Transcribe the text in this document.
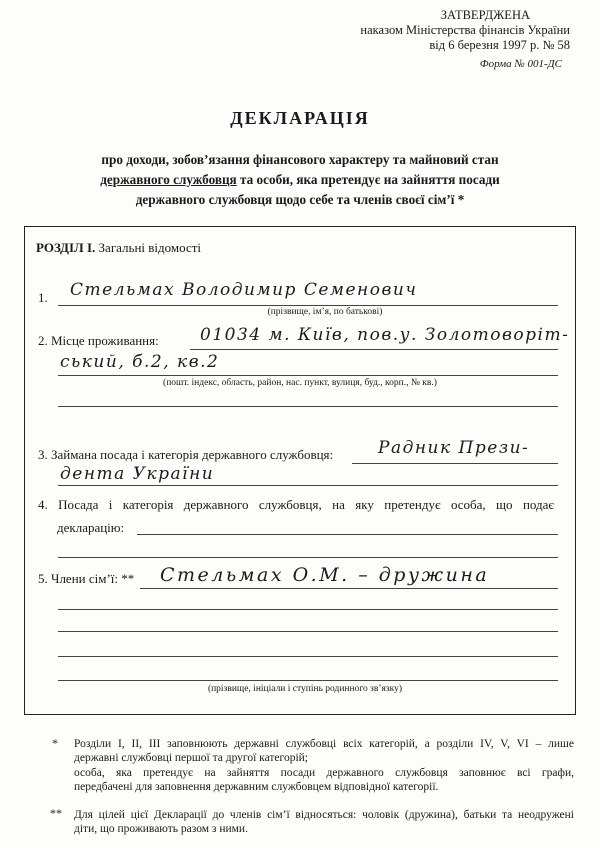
ЗАТВЕРДЖЕНА
наказом Міністерства фінансів України
від 6 березня 1997 р. № 58
Форма № 001-ДС
ДЕКЛАРАЦІЯ
про доходи, зобов’язання фінансового характеру та майновий стан
державного службовця та особи, яка претендує на зайняття посади
державного службовця щодо себе та членів своєї сім’ї *
РОЗДІЛ І. Загальні відомості
1. Стельмах Володимир Семенович
(прізвище, ім’я, по батькові)
2. Місце проживання: 01034 м. Київ, пов.у. Золотоворіт-
ський, б.2, кв.2
(пошт. індекс, область, район, нас. пункт, вулиця, буд., корп., № кв.)
3. Займана посада і категорія державного службовця:	Радник Прези-
дента України
4. Посада і категорія державного службовця, на яку претендує особа, що подає
декларацію:
5. Члени сім’ї: ** Стельмах О.М. – дружина
(прізвище, ініціали і ступінь родинного зв’язку)
* Розділи I, II, III заповнюють державні службовці всіх категорій, а розділи IV, V, VI – лише
державні службовці першої та другої категорій;
особа, яка претендує на зайняття посади державного службовця заповнює всі графи,
передбачені для заповнення державним службовцем відповідної категорії.
** Для цілей цієї Декларації до членів сім’ї відносяться: чоловік (дружина), батьки та неодружені
діти, що проживають разом з ними.
